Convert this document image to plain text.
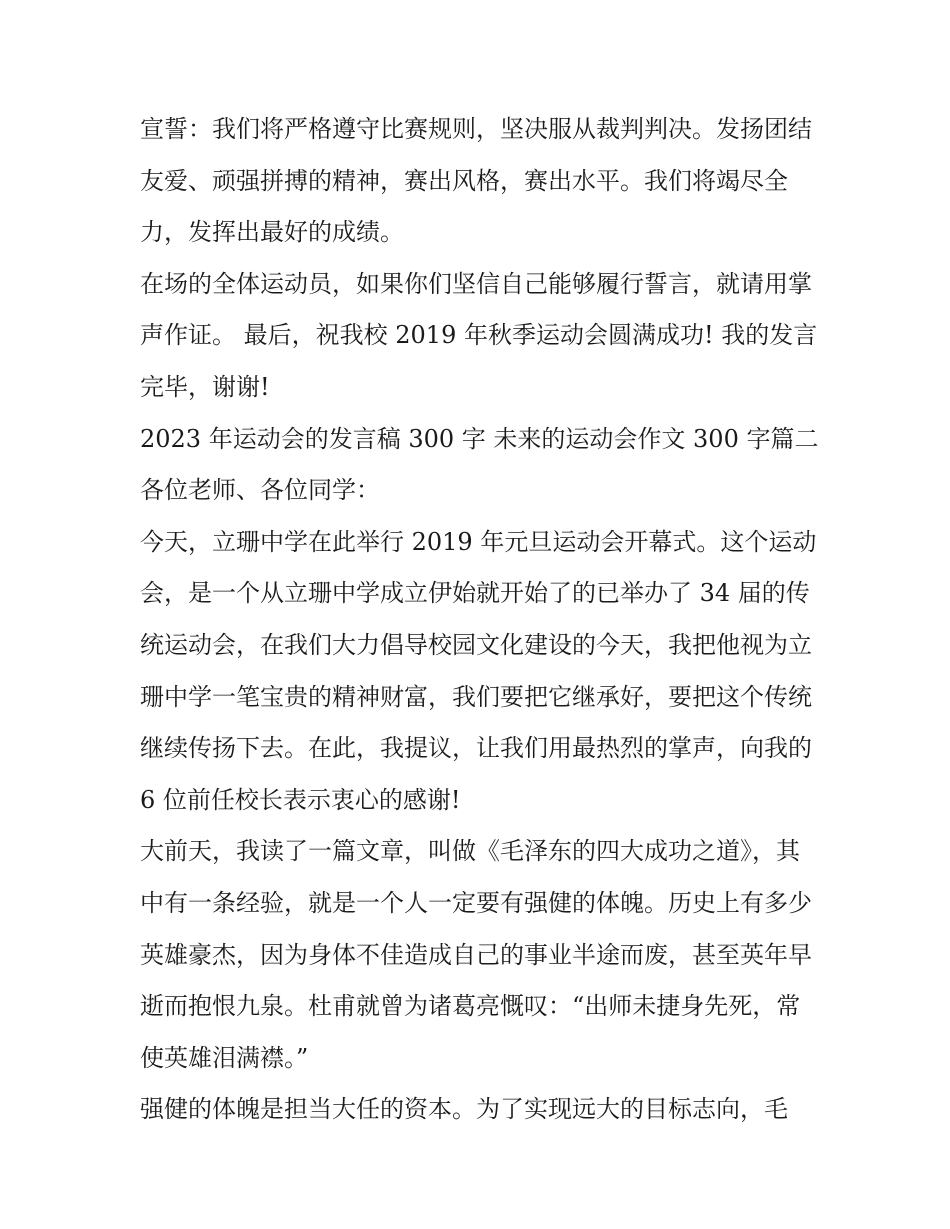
宣誓：我们将严格遵守比赛规则，坚决服从裁判判决。发扬团结友爱、顽强拼搏的精神，赛出风格，赛出水平。我们将竭尽全力，发挥出最好的成绩。

在场的全体运动员，如果你们坚信自己能够履行誓言，就请用掌声作证。 最后，祝我校 2019 年秋季运动会圆满成功! 我的发言完毕，谢谢!

2023 年运动会的发言稿 300 字 未来的运动会作文 300 字篇二

各位老师、各位同学：

今天，立珊中学在此举行 2019 年元旦运动会开幕式。这个运动会，是一个从立珊中学成立伊始就开始了的已举办了 34 届的传统运动会，在我们大力倡导校园文化建设的今天，我把他视为立珊中学一笔宝贵的精神财富，我们要把它继承好，要把这个传统继续传扬下去。在此，我提议，让我们用最热烈的掌声，向我的 6 位前任校长表示衷心的感谢!

大前天，我读了一篇文章，叫做《毛泽东的四大成功之道》，其中有一条经验，就是一个人一定要有强健的体魄。历史上有多少英雄豪杰，因为身体不佳造成自己的事业半途而废，甚至英年早逝而抱恨九泉。杜甫就曾为诸葛亮慨叹：“出师未捷身先死，常使英雄泪满襟。”

强健的体魄是担当大任的资本。为了实现远大的目标志向，毛
